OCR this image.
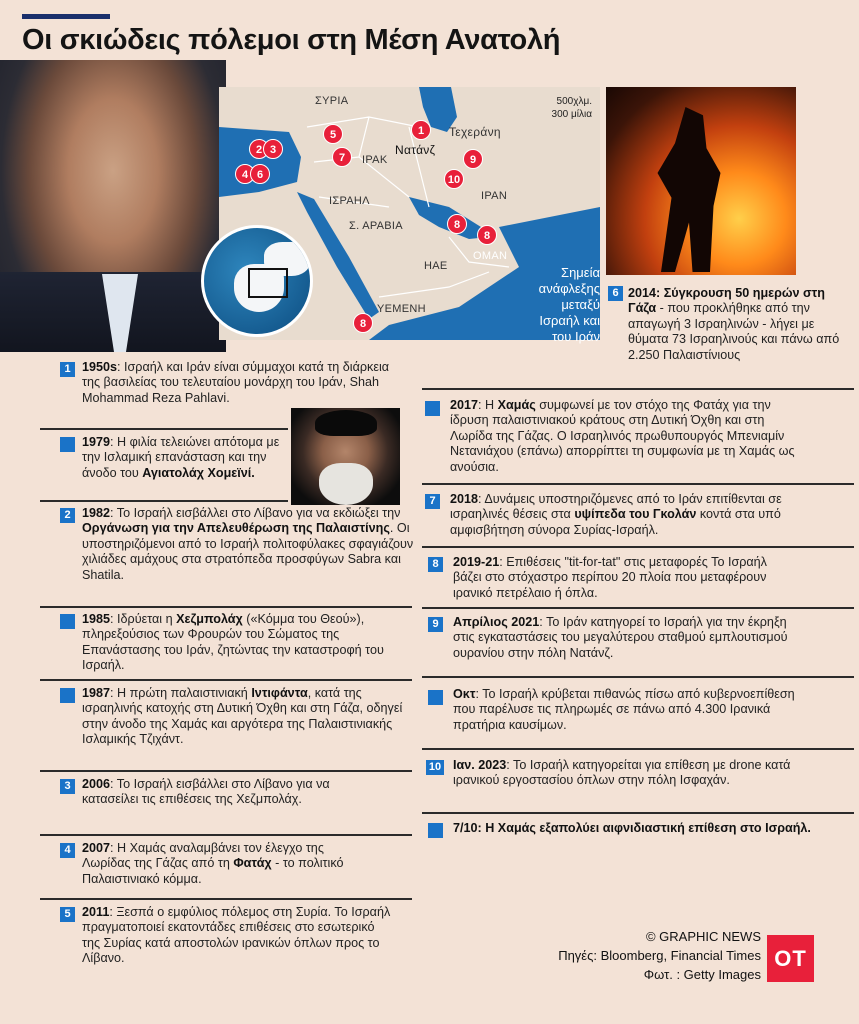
Οι σκιώδεις πόλεμοι στη Μέση Ανατολή
ΣΥΡΙΑ
ΙΡΑΚ
ΙΣΡΑΗΛ
Σ. ΑΡΑΒΙΑ
ΙΡΑΝ
ΗΑΕ
ΟΜΑΝ
ΥΕΜΕΝΗ
Τεχεράνη
Νατάνζ
500χλμ.
300 μίλια
1
2 3
4 6
5
7
8
8
8
9
10
Σημεία ανάφλεξης μεταξύ Ισραήλ και του Ιράν
1 1950s: Ισραήλ και Ιράν είναι σύμμαχοι κατά τη διάρκεια της βασιλείας του τελευταίου μονάρχη του Ιράν, Shah Mohammad Reza Pahlavi.
1979: Η φιλία τελειώνει απότομα με την Ισλαμική επανάσταση και την άνοδο του Αγιατολάχ Χομεϊνί.
2 1982: Το Ισραήλ εισβάλλει στο Λίβανο για να εκδιώξει την Οργάνωση για την Απελευθέρωση της Παλαιστίνης. Οι υποστηριζόμενοι από το Ισραήλ πολιτοφύλακες σφαγιάζουν χιλιάδες αμάχους στα στρατόπεδα προσφύγων Sabra και Shatila.
1985: Ιδρύεται η Χεζμπολάχ («Κόμμα του Θεού»), πληρεξούσιος των Φρουρών του Σώματος της Επανάστασης του Ιράν, ζητώντας την καταστροφή του Ισραήλ.
1987: Η πρώτη παλαιστινιακή Ιντιφάντα, κατά της ισραηλινής κατοχής στη Δυτική Όχθη και στη Γάζα, οδηγεί στην άνοδο της Χαμάς και αργότερα της Παλαιστινιακής Ισλαμικής Τζιχάντ.
3 2006: Το Ισραήλ εισβάλλει στο Λίβανο για να κατασείλει τις επιθέσεις της Χεζμπολάχ.
4 2007: Η Χαμάς αναλαμβάνει τον έλεγχο της Λωρίδας της Γάζας από τη Φατάχ - το πολιτικό Παλαιστινιακό κόμμα.
5 2011: Ξεσπά ο εμφύλιος πόλεμος στη Συρία. Το Ισραήλ πραγματοποιεί εκατοντάδες επιθέσεις στο εσωτερικό της Συρίας κατά αποστολών ιρανικών όπλων προς το Λίβανο.
6 2014: Σύγκρουση 50 ημερών στη Γάζα - που προκλήθηκε από την απαγωγή 3 Ισραηλινών - λήγει με θύματα 73 Ισραηλινούς και πάνω από 2.250 Παλαιστίνιους
2017: Η Χαμάς συμφωνεί με τον στόχο της Φατάχ για την ίδρυση παλαιστινιακού κράτους στη Δυτική Όχθη και στη Λωρίδα της Γάζας. Ο Ισραηλινός πρωθυπουργός Μπενιαμίν Νετανιάχου (επάνω) απορρίπτει τη συμφωνία με τη Χαμάς ως ανούσια.
7	2018: Δυνάμεις υποστηριζόμενες από το Ιράν επιτίθενται σε ισραηλινές θέσεις στα υψίπεδα του Γκολάν κοντά στα υπό αμφισβήτηση σύνορα Συρίας-Ισραήλ.
8	2019-21: Επιθέσεις "tit-for-tat" στις μεταφορές Το Ισραήλ βάζει στο στόχαστρο περίπου 20 πλοία που μεταφέρουν ιρανικό πετρέλαιο ή όπλα.
9	Απρίλιος 2021: Το Ιράν κατηγορεί το Ισραήλ για την έκρηξη στις εγκαταστάσεις του μεγαλύτερου σταθμού εμπλουτισμού ουρανίου στην πόλη Νατάνζ.
Οκτ: Το Ισραήλ κρύβεται πιθανώς πίσω από κυβερνοεπίθεση που παρέλυσε τις πληρωμές σε πάνω από 4.300 Ιρανικά πρατήρια καυσίμων.
10 Ιαν. 2023: Το Ισραήλ κατηγορείται για επίθεση με drone κατά ιρανικού εργοστασίου όπλων στην πόλη Ισφαχάν.
7/10: Η Χαμάς εξαπολύει αιφνιδιαστική επίθεση στο Ισραήλ.
© GRAPHIC NEWS
Πηγές: Bloomberg, Financial Times
Φωτ. : Getty Images
OT
